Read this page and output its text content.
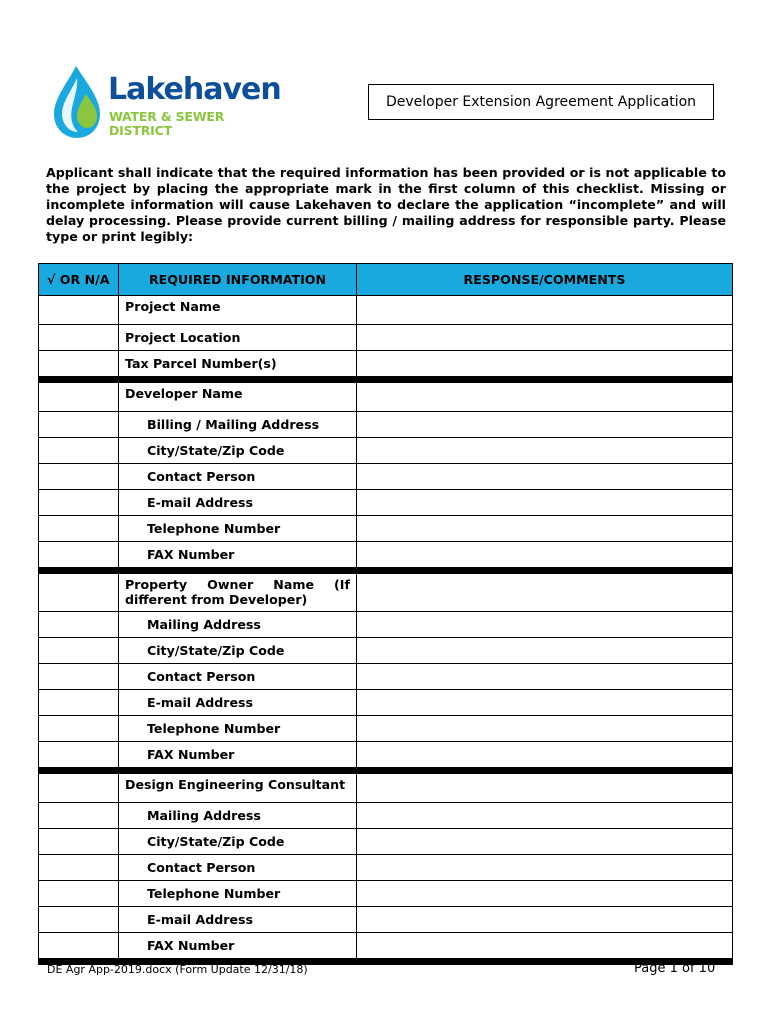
Lakehaven
WATER & SEWER DISTRICT
Developer Extension Agreement Application
Applicant shall indicate that the required information has been provided or is not applicable to the project by placing the appropriate mark in the first column of this checklist. Missing or incomplete information will cause Lakehaven to declare the application “incomplete” and will delay processing. Please provide current billing / mailing address for responsible party. Please type or print legibly:
√ OR N/A	REQUIRED INFORMATION	RESPONSE/COMMENTS
	Project Name	
	Project Location	
	Tax Parcel Number(s)	

	Developer Name	
	Billing / Mailing Address	
	City/State/Zip Code	
	Contact Person	
	E-mail Address	
	Telephone Number	
	FAX Number	

	Property Owner Name (If
different from Developer)	

	Mailing Address	
	City/State/Zip Code	
	Contact Person	
	E-mail Address	
	Telephone Number	
	FAX Number	

	Design Engineering Consultant	
	Mailing Address	
	City/State/Zip Code	
	Contact Person	
	Telephone Number	
	E-mail Address	
	FAX Number	

DE Agr App-2019.docx (Form Update 12/31/18)	Page 1 of 10
